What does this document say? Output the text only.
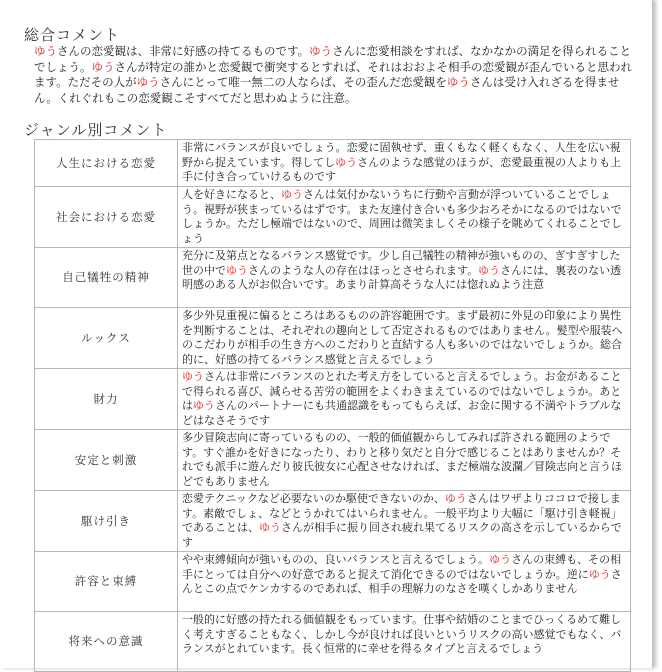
総合コメント
ゆうさんの恋愛観は、非常に好感の持てるものです。ゆうさんに恋愛相談をすれば、なかなかの満足を得られることでしょう。ゆうさんが特定の誰かと恋愛観で衝突するとすれば、それはおおよそ相手の恋愛観が歪んでいると思われます。ただその人がゆうさんにとって唯一無二の人ならば、その歪んだ恋愛観をゆうさんは受け入れざるを得ません。くれぐれもこの恋愛観こそすべてだと思わぬように注意。
ジャンル別コメント
人生における恋愛	非常にバランスが良いでしょう。恋愛に固執せず、重くもなく軽くもなく、人生を広い視野から捉えています。得してしゆうさんのような感覚のほうが、恋愛最重視の人よりも上手に付き合っていけるものです
社会における恋愛	人を好きになると、ゆうさんは気付かないうちに行動や言動が浮ついていることでしょう。視野が狭まっているはずです。また友達付き合いも多少おろそかになるのではないでしょうか。ただし極端ではないので、周囲は微笑ましくその様子を眺めてくれることでしょう
自己犠牲の精神	充分に及第点となるバランス感覚です。少し自己犠牲の精神が強いものの、ぎすぎすした世の中でゆうさんのような人の存在はほっとさせられます。ゆうさんには、裏表のない透明感のある人がお似合いです。あまり計算高そうな人には惚れぬよう注意
ルックス	多少外見重視に偏るところはあるものの許容範囲です。まず最初に外見の印象により異性を判断することは、それぞれの趣向として否定されるものではありません。髪型や服装へのこだわりが相手の生き方へのこだわりと直結する人も多いのではないでしょうか。総合的に、好感の持てるバランス感覚と言えるでしょう
財力	ゆうさんは非常にバランスのとれた考え方をしていると言えるでしょう。お金があることで得られる喜び、減らせる苦労の範囲をよくわきまえているのではないでしょうか。あとはゆうさんのパートナーにも共通認識をもってもらえば、お金に関する不満やトラブルなどはなさそうです
安定と刺激	多少冒険志向に寄っているものの、一般的価値観からしてみれば許される範囲のようです。すぐ誰かを好きになったり、わりと移り気だと自分で感じることはありませんか？それでも派手に遊んだり彼氏彼女に心配させなければ、まだ極端な波瀾／冒険志向と言うほどでもありません
駆け引き	恋愛テクニックなど必要ないのか駆使できないのか、ゆうさんはワザよりココロで接します。素敵でしょ、などとうかれてはいられません。一般平均より大幅に「駆け引き軽視」であることは、ゆうさんが相手に振り回され疲れ果てるリスクの高さを示しているからです
許容と束縛	やや束縛傾向が強いものの、良いバランスと言えるでしょう。ゆうさんの束縛も、その相手にとっては自分への好意であると捉えて消化できるのではないでしょうか。逆にゆうさんとこの点でケンカするのであれば、相手の理解力のなさを嘆くしかありません
将来への意識	一般的に好感の持たれる価値観をもっています。仕事や結婚のことまでひっくるめて難しく考えすぎることもなく、しかし今が良ければ良いというリスクの高い感覚でもなく、バランスがとれています。長く恒常的に幸せを得るタイプと言えるでしょう
